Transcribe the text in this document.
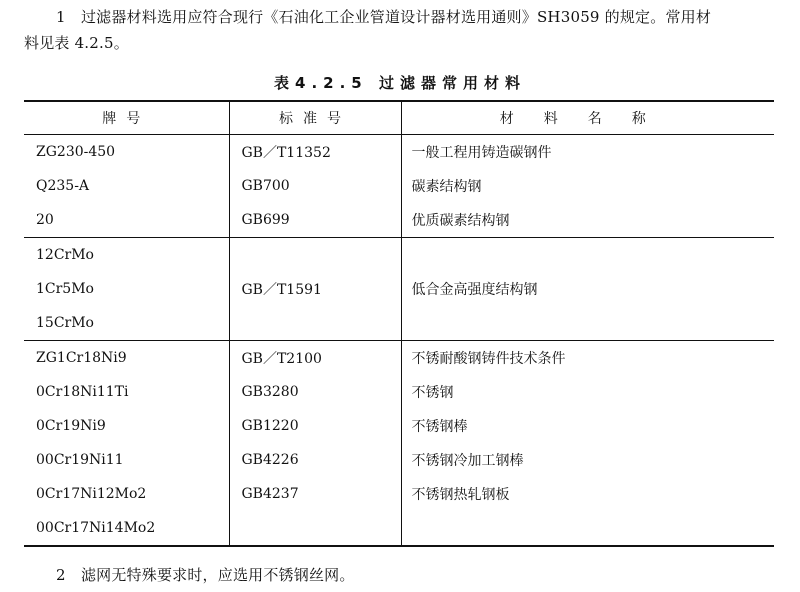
1　过滤器材料选用应符合现行《石油化工企业管道设计器材选用通则》SH3059 的规定。常用材
料见表 4.2.5。
表4.2.5 过滤器常用材料
牌号	标准号	材料名称
ZG230-450	GB／T11352	一般工程用铸造碳钢件
Q235-A	GB700	碳素结构钢
20	GB699	优质碳素结构钢
12CrMo		
1Cr5Mo	GB／T1591	低合金高强度结构钢
15CrMo		
ZG1Cr18Ni9	GB／T2100	不锈耐酸钢铸件技术条件
0Cr18Ni11Ti	GB3280	不锈钢
0Cr19Ni9	GB1220	不锈钢棒
00Cr19Ni11	GB4226	不锈钢冷加工钢棒
0Cr17Ni12Mo2	GB4237	不锈钢热轧钢板
00Cr17Ni14Mo2		
2　滤网无特殊要求时，应选用不锈钢丝网。
